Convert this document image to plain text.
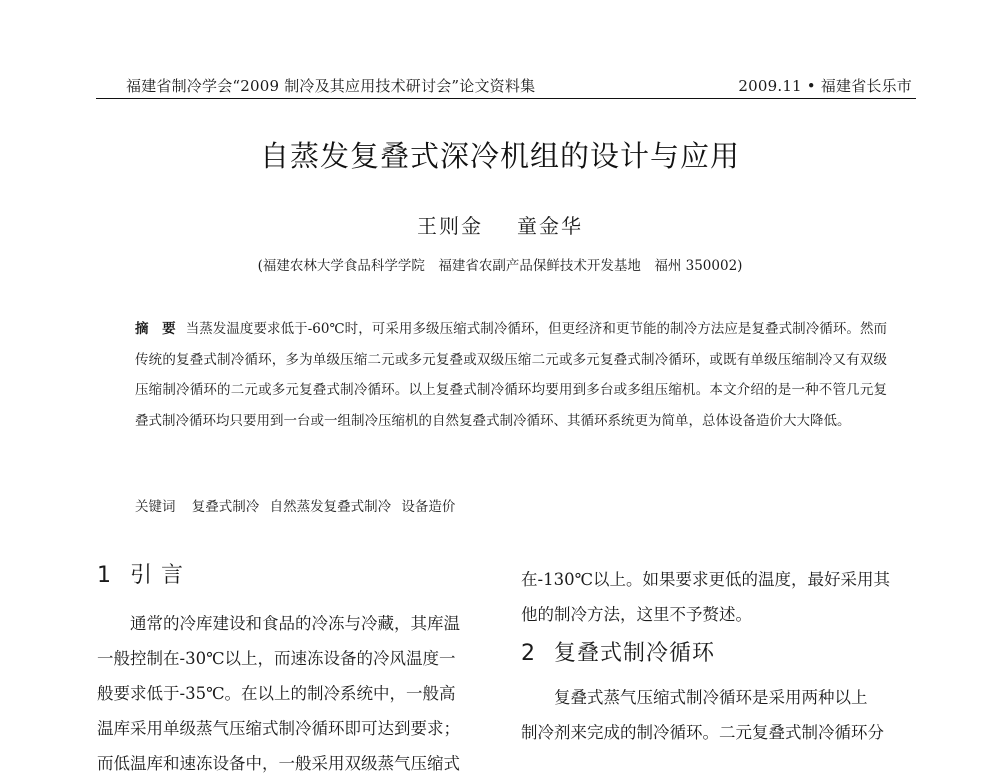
福建省制冷学会“2009 制冷及其应用技术研讨会”论文资料集	2009.11 • 福建省长乐市
自蒸发复叠式深冷机组的设计与应用
王则金 童金华
(福建农林大学食品科学学院　福建省农副产品保鲜技术开发基地　福州 350002)
摘　要 当蒸发温度要求低于-60℃时，可采用多级压缩式制冷循环，但更经济和更节能的制冷方法应是复叠式制冷循环。然而传统的复叠式制冷循环，多为单级压缩二元或多元复叠或双级压缩二元或多元复叠式制冷循环，或既有单级压缩制冷又有双级压缩制冷循环的二元或多元复叠式制冷循环。以上复叠式制冷循环均要用到多台或多组压缩机。本文介绍的是一种不管几元复叠式制冷循环均只要用到一台或一组制冷压缩机的自然复叠式制冷循环、其循环系统更为简单，总体设备造价大大降低。
关键词 复叠式制冷 自然蒸发复叠式制冷 设备造价
1 引 言

通常的冷库建设和食品的冷冻与冷藏，其库温

一般控制在-30℃以上，而速冻设备的冷风温度一

般要求低于-35℃。在以上的制冷系统中，一般高

温库采用单级蒸气压缩式制冷循环即可达到要求；

而低温库和速冻设备中，一般采用双级蒸气压缩式

在-130℃以上。如果要求更低的温度，最好采用其

他的制冷方法，这里不予赘述。

2 复叠式制冷循环

复叠式蒸气压缩式制冷循环是采用两种以上

制冷剂来完成的制冷循环。二元复叠式制冷循环分
